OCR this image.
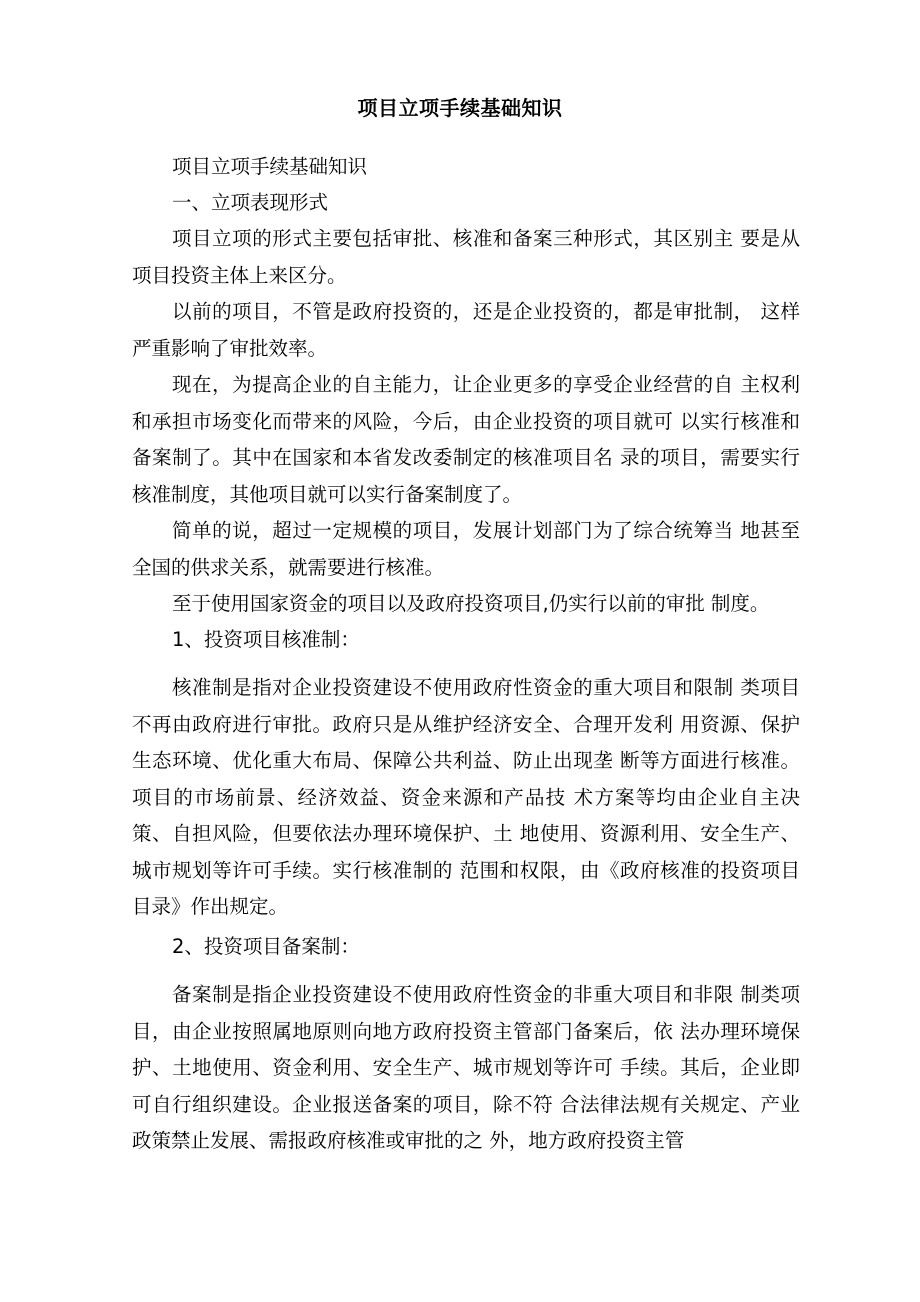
项目立项手续基础知识
项目立项手续基础知识
一、立项表现形式
项目立项的形式主要包括审批、核准和备案三种形式，其区别主 要是从项目投资主体上来区分。
以前的项目，不管是政府投资的，还是企业投资的，都是审批制， 这样严重影响了审批效率。
现在，为提高企业的自主能力，让企业更多的享受企业经营的自 主权利和承担市场变化而带来的风险，今后，由企业投资的项目就可 以实行核准和备案制了。其中在国家和本省发改委制定的核准项目名 录的项目，需要实行核准制度，其他项目就可以实行备案制度了。
简单的说，超过一定规模的项目，发展计划部门为了综合统筹当 地甚至全国的供求关系，就需要进行核准。
至于使用国家资金的项目以及政府投资项目,仍实行以前的审批 制度。
1、投资项目核准制：
核准制是指对企业投资建设不使用政府性资金的重大项目和限制 类项目不再由政府进行审批。政府只是从维护经济安全、合理开发利 用资源、保护生态环境、优化重大布局、保障公共利益、防止出现垄 断等方面进行核准。项目的市场前景、经济效益、资金来源和产品技 术方案等均由企业自主决策、自担风险，但要依法办理环境保护、土 地使用、资源利用、安全生产、城市规划等许可手续。实行核准制的 范围和权限，由《政府核准的投资项目目录》作出规定。
2、投资项目备案制：
备案制是指企业投资建设不使用政府性资金的非重大项目和非限 制类项目，由企业按照属地原则向地方政府投资主管部门备案后，依 法办理环境保护、土地使用、资金利用、安全生产、城市规划等许可 手续。其后，企业即可自行组织建设。企业报送备案的项目，除不符 合法律法规有关规定、产业政策禁止发展、需报政府核准或审批的之 外，地方政府投资主管
